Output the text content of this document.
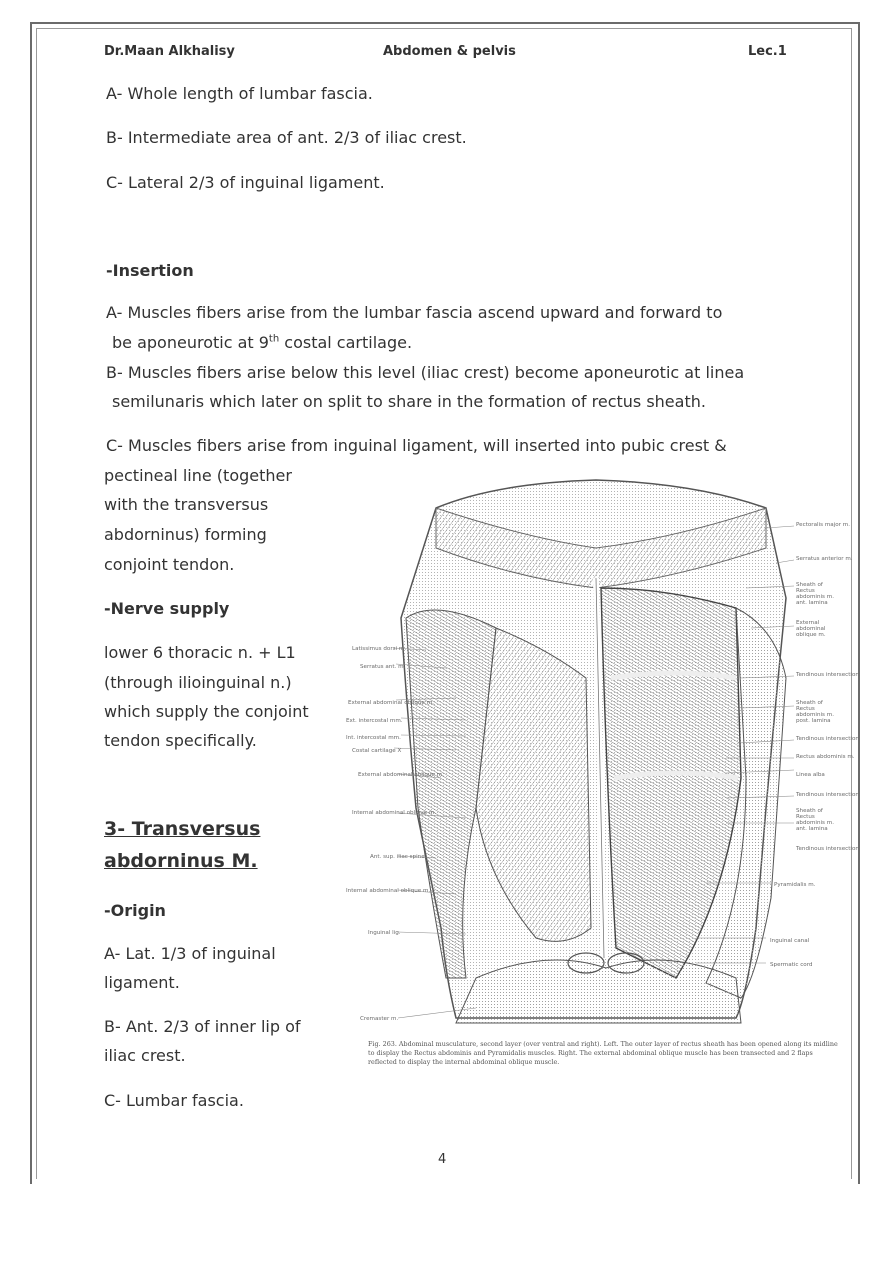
Dr.Maan Alkhalisy	Abdomen & pelvis	Lec.1
A- Whole length of lumbar fascia.
B- Intermediate area of ant. 2/3 of iliac crest.
C- Lateral 2/3 of inguinal ligament.
-Insertion
A- Muscles fibers arise from the lumbar fascia ascend upward and forward to
be aponeurotic at 9th costal cartilage.
B- Muscles fibers arise below this level (iliac crest) become aponeurotic at linea
semilunaris which later on split to share in the formation of rectus sheath.
C- Muscles fibers arise from inguinal ligament, will inserted into pubic crest &
pectineal line (together
with the transversus
abdorninus) forming
conjoint tendon.
-Nerve supply
lower 6 thoracic n. + L1
(through ilioinguinal n.)
which supply the conjoint
tendon specifically.
3- Transversus
abdorninus M.
-Origin
A- Lat. 1/3 of inguinal
ligament.
B- Ant. 2/3 of inner lip of
iliac crest.
C- Lumbar fascia.
Pectoralis major m.
Serratus anterior m.
Sheath of Rectus abdominis m. ant. lamina
External abdominal oblique m.
Tendinous intersection
Sheath of Rectus abdominis m. post. lamina
Tendinous intersection
Rectus abdominis m.
Linea alba
Tendinous intersection
Sheath of Rectus abdominis m. ant. lamina
Tendinous intersection
Pyramidalis m.
Inguinal canal
Spermatic cord
Latissimus dorsi m.
Serratus ant. m.
External abdominal oblique m.
Ext. intercostal mm.
Int. intercostal mm.
Costal cartilage X
External abdominal oblique m.
Internal abdominal oblique m.
Ant. sup. iliac spine
Internal abdominal oblique m.
Inguinal lig.
Cremaster m.
Fig. 263. Abdominal musculature, second layer (over ventral and right). Left. The outer layer of rectus sheath has been opened along its midline to display the Rectus abdominis and Pyramidalis muscles. Right. The external abdominal oblique muscle has been transected and 2 flaps reflected to display the internal abdominal oblique muscle.
4
